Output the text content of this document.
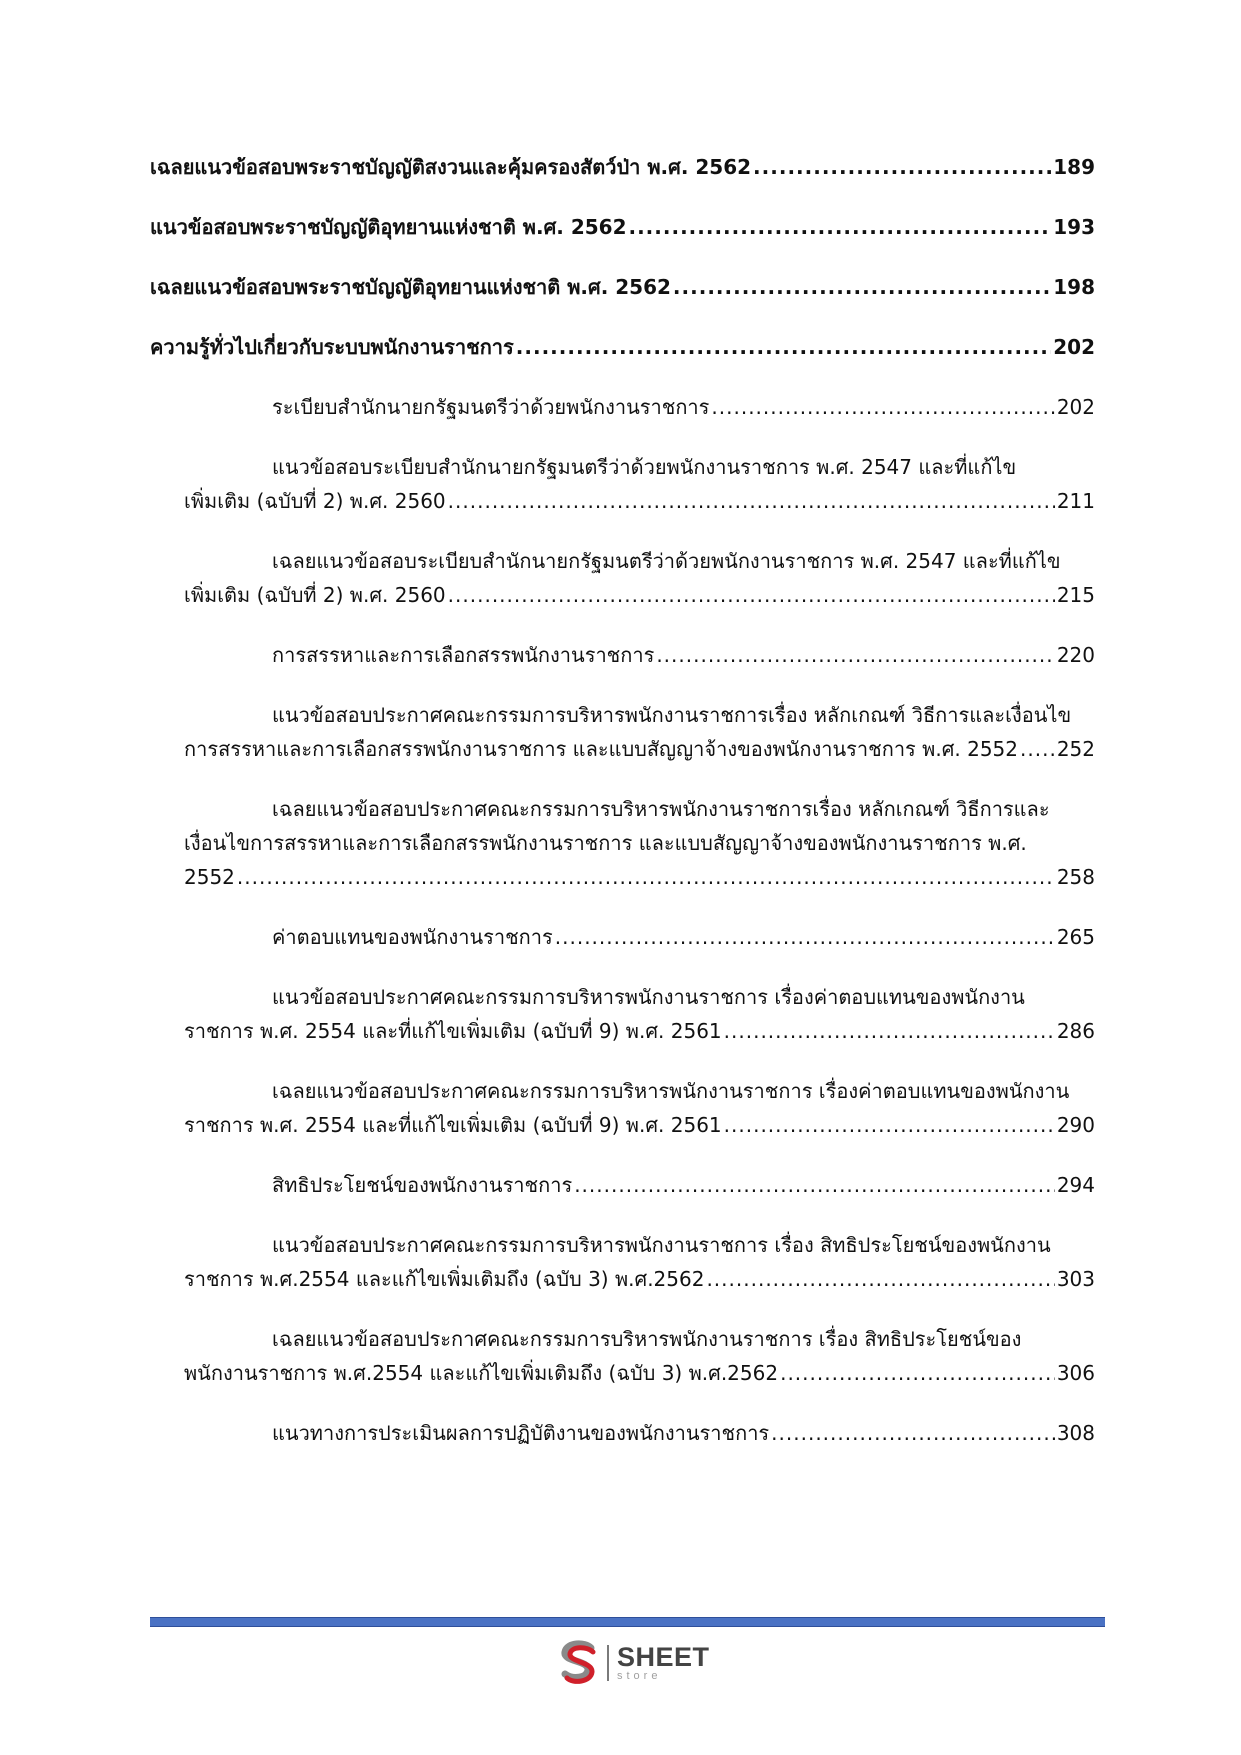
เฉลยแนวข้อสอบพระราชบัญญัติสงวนและคุ้มครองสัตว์ป่า พ.ศ. 2562 .....	189
แนวข้อสอบพระราชบัญญัติอุทยานแห่งชาติ พ.ศ. 2562 .....	193
เฉลยแนวข้อสอบพระราชบัญญัติอุทยานแห่งชาติ พ.ศ. 2562 .....	198
ความรู้ทั่วไปเกี่ยวกับระบบพนักงานราชการ .....	202
ระเบียบสำนักนายกรัฐมนตรีว่าด้วยพนักงานราชการ .....	202
แนวข้อสอบระเบียบสำนักนายกรัฐมนตรีว่าด้วยพนักงานราชการ พ.ศ. 2547 และที่แก้ไข
เพิ่มเติม (ฉบับที่ 2) พ.ศ. 2560 .....	211
เฉลยแนวข้อสอบระเบียบสำนักนายกรัฐมนตรีว่าด้วยพนักงานราชการ พ.ศ. 2547 และที่แก้ไข
เพิ่มเติม (ฉบับที่ 2) พ.ศ. 2560 .....	215
การสรรหาและการเลือกสรรพนักงานราชการ .....	220
แนวข้อสอบประกาศคณะกรรมการบริหารพนักงานราชการเรื่อง หลักเกณฑ์ วิธีการและเงื่อนไข
การสรรหาและการเลือกสรรพนักงานราชการ และแบบสัญญาจ้างของพนักงานราชการ พ.ศ. 2552 ..... 252
เฉลยแนวข้อสอบประกาศคณะกรรมการบริหารพนักงานราชการเรื่อง หลักเกณฑ์ วิธีการและ
เงื่อนไขการสรรหาและการเลือกสรรพนักงานราชการ และแบบสัญญาจ้างของพนักงานราชการ พ.ศ.
2552 .....	258
ค่าตอบแทนของพนักงานราชการ .....	265
แนวข้อสอบประกาศคณะกรรมการบริหารพนักงานราชการ เรื่องค่าตอบแทนของพนักงาน
ราชการ พ.ศ. 2554 และที่แก้ไขเพิ่มเติม (ฉบับที่ 9) พ.ศ. 2561 .....	286
เฉลยแนวข้อสอบประกาศคณะกรรมการบริหารพนักงานราชการ เรื่องค่าตอบแทนของพนักงาน
ราชการ พ.ศ. 2554 และที่แก้ไขเพิ่มเติม (ฉบับที่ 9) พ.ศ. 2561 .....	290
สิทธิประโยชน์ของพนักงานราชการ .....	294
แนวข้อสอบประกาศคณะกรรมการบริหารพนักงานราชการ เรื่อง สิทธิประโยชน์ของพนักงาน
ราชการ พ.ศ.2554 และแก้ไขเพิ่มเติมถึง (ฉบับ 3) พ.ศ.2562 .....	303
เฉลยแนวข้อสอบประกาศคณะกรรมการบริหารพนักงานราชการ เรื่อง สิทธิประโยชน์ของ
พนักงานราชการ พ.ศ.2554 และแก้ไขเพิ่มเติมถึง (ฉบับ 3) พ.ศ.2562 .....	306
แนวทางการประเมินผลการปฏิบัติงานของพนักงานราชการ .....	308
SHEET
store
